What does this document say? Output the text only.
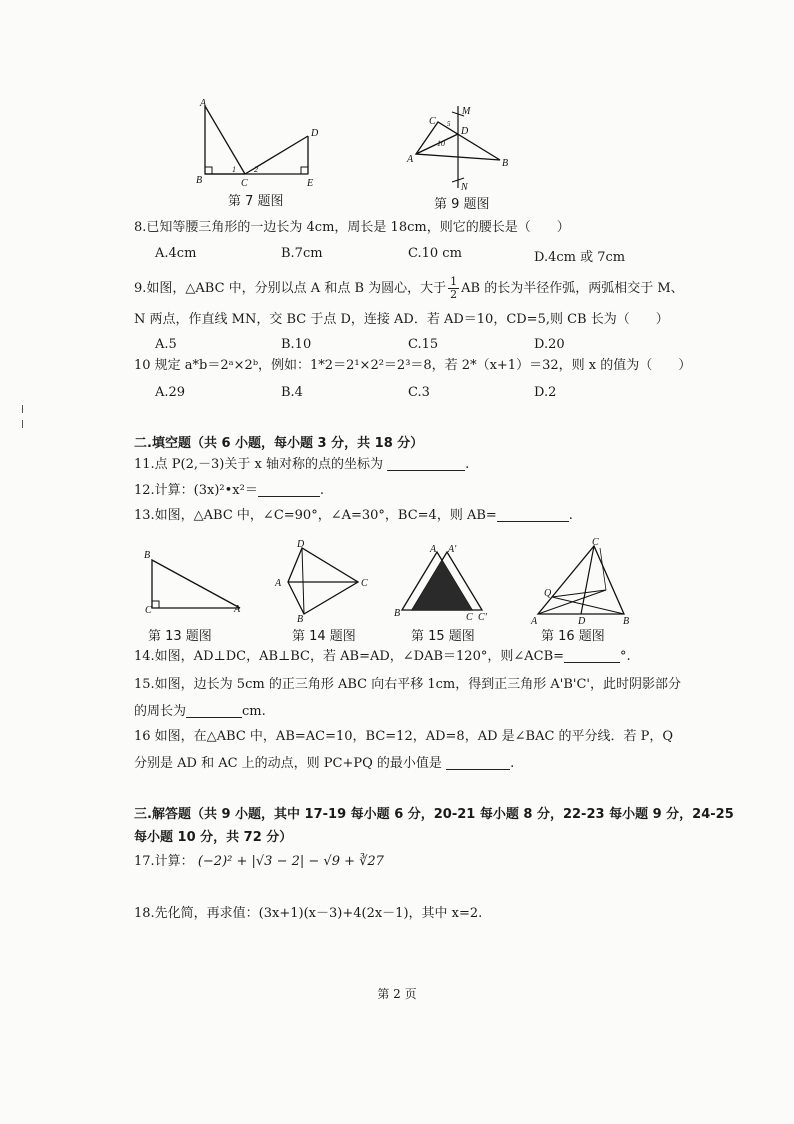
A
B	C
D
E
1 2
第 7 题图
C
M
D
A	B
N
10
5
第 9 题图
8.已知等腰三角形的一边长为 4cm，周长是 18cm，则它的腰长是（　　）
A.4cm	B.7cm	C.10 cm	D.4cm 或 7cm
9.如图，△ABC 中，分别以点 A 和点 B 为圆心，大于 $\frac{1}{2}$ AB 的长为半径作弧，两弧相交于 M、
N 两点，作直线 MN，交 BC 于点 D，连接 AD．若 AD＝10，CD=5,则 CB 长为（　　）
A.5	B.10	C.15	D.20
10 规定 a*b＝2ᵃ×2ᵇ，例如：1*2＝2¹×2²＝2³＝8，若 2*（x+1）＝32，则 x 的值为（　　）
A.29	B.4	C.3	D.2
二.填空题（共 6 小题，每小题 3 分，共 18 分）
11.点 P(2,－3)关于 x 轴对称的点的坐标为	.
12.计算：(3x)²•x²＝	.
13.如图，△ABC 中，∠C=90°，∠A=30°，BC=4，则 AB=	.
B
C	A
第 13 题图
D
A	C
B
第 14 题图
A A'
B	C C'
第 15 题图
C
Q
A	D	B
第 16 题图
14.如图，AD⊥DC，AB⊥BC，若 AB=AD，∠DAB＝120°，则∠ACB=	°.
15.如图，边长为 5cm 的正三角形 ABC 向右平移 1cm，得到正三角形 A'B'C'，此时阴影部分
的周长为	cm.
16 如图，在△ABC 中，AB=AC=10，BC=12，AD=8，AD 是∠BAC 的平分线．若 P，Q
分别是 AD 和 AC 上的动点，则 PC+PQ 的最小值是	.
三.解答题（共 9 小题，其中 17-19 每小题 6 分，20-21 每小题 8 分，22-23 每小题 9 分，24-25
每小题 10 分，共 72 分）
17.计算： (−2)² + |√3 − 2| − √9 + ∛27
18.先化简，再求值：(3x+1)(x－3)+4(2x－1)，其中 x=2.
第 2 页
